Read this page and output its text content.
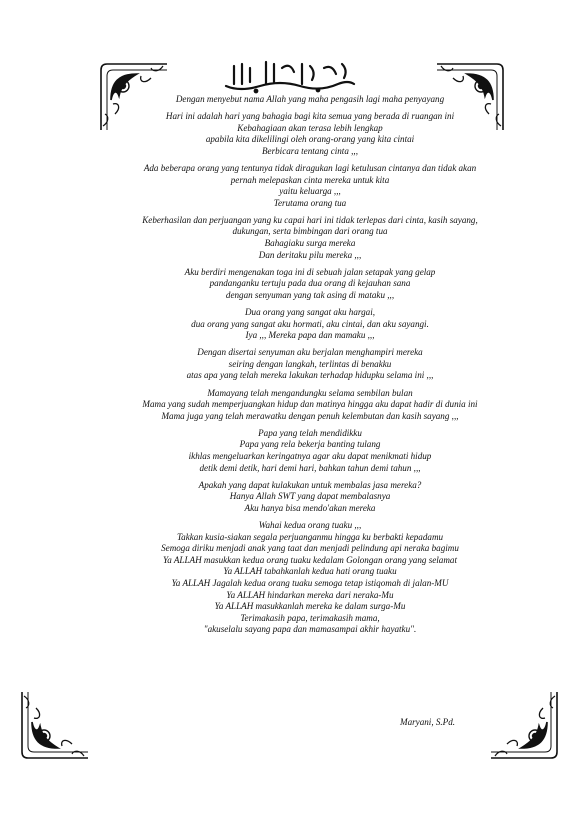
Dengan menyebut nama Allah yang maha pengasih lagi maha penyayang
Hari ini adalah hari yang bahagia bagi kita semua yang berada di ruangan ini
Kebahagiaan akan terasa lebih lengkap
apabila kita dikelilingi oleh orang-orang yang kita cintai
Berbicara tentang cinta ,,,
Ada beberapa orang yang tentunya tidak diragukan lagi ketulusan cintanya dan tidak akan
pernah melepaskan cinta mereka untuk kita
yaitu keluarga ,,,
Terutama orang tua
Keberhasilan dan perjuangan yang ku capai hari ini tidak terlepas dari cinta, kasih sayang,
dukungan, serta bimbingan dari orang tua
Bahagiaku surga mereka
Dan deritaku pilu mereka ,,,
Aku berdiri mengenakan toga ini di sebuah jalan setapak yang gelap
pandanganku tertuju pada dua orang di kejauhan sana
dengan senyuman yang tak asing di mataku ,,,
Dua orang yang sangat aku hargai,
dua orang yang sangat aku hormati, aku cintai, dan aku sayangi.
Iya ,,, Mereka papa dan mamaku ,,,
Dengan disertai senyuman aku berjalan menghampiri mereka
seiring dengan langkah, terlintas di benakku
atas apa yang telah mereka lakukan terhadap hidupku selama ini ,,,
Mamayang telah mengandungku selama sembilan bulan
Mama yang sudah memperjuangkan hidup dan matinya hingga aku dapat hadir di dunia ini
Mama juga yang telah merawatku dengan penuh kelembutan dan kasih sayang ,,,
Papa yang telah mendidikku
Papa yang rela bekerja banting tulang
ikhlas mengeluarkan keringatnya agar aku dapat menikmati hidup
detik demi detik, hari demi hari, bahkan tahun demi tahun ,,,
Apakah yang dapat kulakukan untuk membalas jasa mereka?
Hanya Allah SWT yang dapat membalasnya
Aku hanya bisa mendo'akan mereka
Wahai kedua orang tuaku ,,,
Takkan kusia-siakan segala perjuanganmu hingga ku berbakti kepadamu
Semoga diriku menjadi anak yang taat dan menjadi pelindung api neraka bagimu
Ya ALLAH masukkan kedua orang tuaku kedalam Golongan orang yang selamat
Ya ALLAH tabahkanlah kedua hati orang tuaku
Ya ALLAH Jagalah kedua orang tuaku semoga tetap istiqomah di jalan-MU
Ya ALLAH hindarkan mereka dari neraka-Mu
Ya ALLAH masukkanlah mereka ke dalam surga-Mu
Terimakasih papa, terimakasih mama,
"akuselalu sayang papa dan mamasampai akhir hayatku".
Maryani, S.Pd.
